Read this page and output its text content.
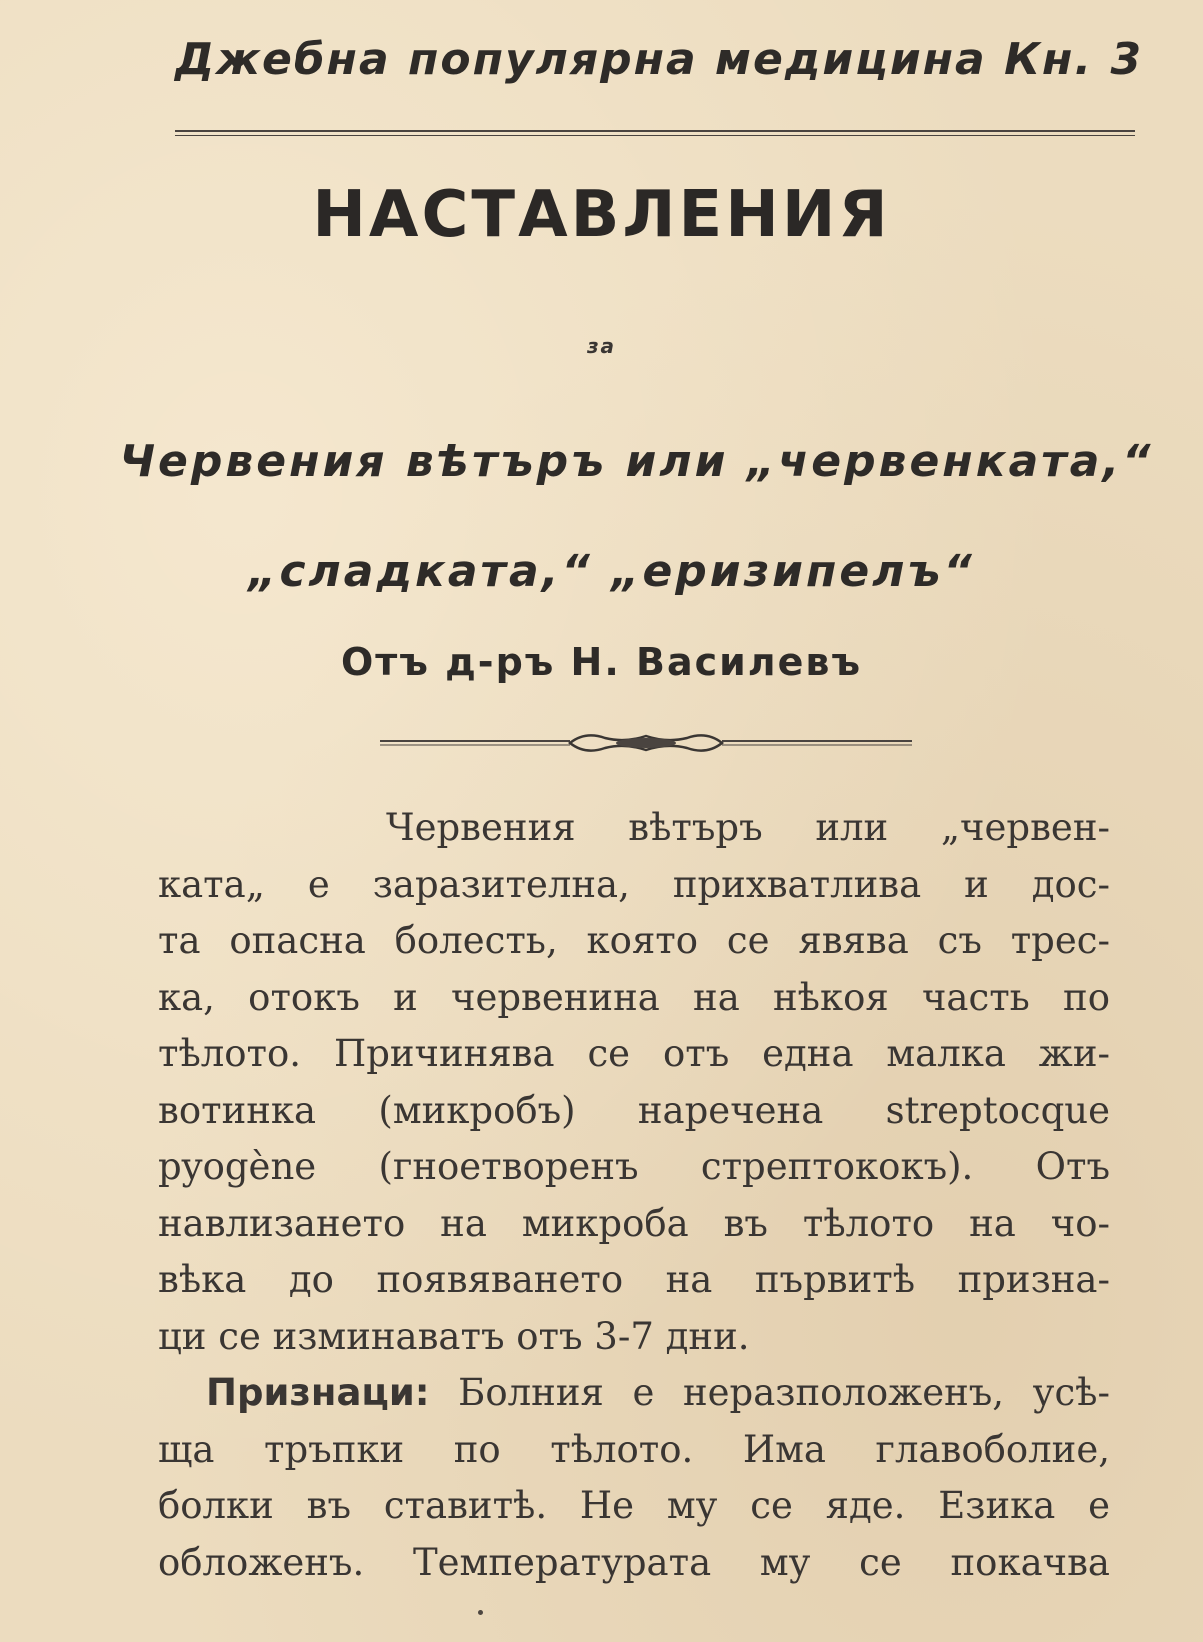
Джебна популярна медицина Кн. 3
НАСТАВЛЕНИЯ
за
Червения вѣтъръ или „червенката,“
„сладката,“ „еризипелъ“
Отъ д-ръ Н. Василевъ
Червения вѣтъръ или „червен-
ката„ е заразителна, прихватлива и дос-
та опасна болесть, която се явява съ трес-
ка, отокъ и червенина на нѣкоя часть по
тѣлото. Причинява се отъ една малка жи-
вотинка (микробъ) наречена streptocque
pyogène (гноетворенъ стрептококъ). Отъ
навлизането на микроба въ тѣлото на чо-
вѣка до появяването на първитѣ призна-
ци се изминаватъ отъ 3-7 дни.
Признаци: Болния е неразположенъ, усѣ-
ща тръпки по тѣлото. Има главоболие,
болки въ ставитѣ. Не му се яде. Езика е
обложенъ. Температурата му се покачва
